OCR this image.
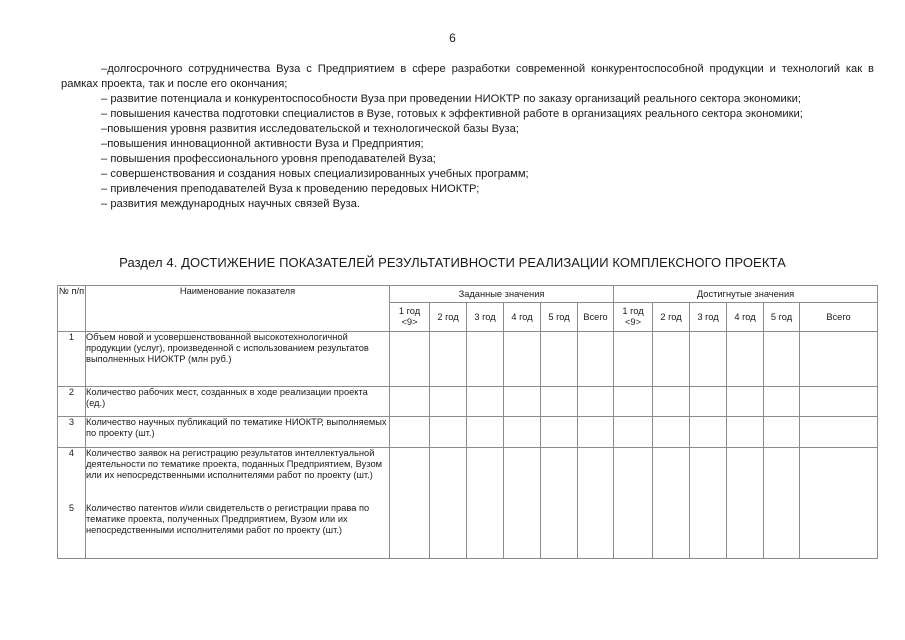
6

–долгосрочного сотрудничества Вуза с Предприятием в сфере разработки современной конкурентоспособной продукции и технологий как в рамках проекта, так и после его окончания;

– развитие потенциала и конкурентоспособности Вуза при проведении НИОКТР по заказу организаций реального сектора экономики;

– повышения качества подготовки специалистов в Вузе, готовых к эффективной работе в организациях реального сектора экономики;

–повышения уровня развития исследовательской и технологической базы Вуза;

–повышения инновационной активности Вуза и Предприятия;

– повышения профессионального уровня преподавателей Вуза;

– совершенствования и создания новых специализированных учебных программ;

– привлечения преподавателей Вуза к проведению передовых НИОКТР;

– развития международных научных связей Вуза.

Раздел 4. ДОСТИЖЕНИЕ ПОКАЗАТЕЛЕЙ РЕЗУЛЬТАТИВНОСТИ РЕАЛИЗАЦИИ КОМПЛЕКСНОГО ПРОЕКТА
№ п/п	Наименование показателя	Заданные значения						Достигнутые значения					
		1 год <9>	2 год	3 год	4 год	5 год	Всего	1 год <9>	2 год	3 год	4 год	5 год	Всего
1	Объем новой и усовершенствованной высокотехнологичной продукции (услуг), произведенной с использованием результатов выполненных НИОКТР (млн руб.)												
2	Количество рабочих мест, созданных в ходе реализации проекта (ед.)												
3	Количество научных публикаций по тематике НИОКТР, выполняемых по проекту (шт.)												
4	Количество заявок на регистрацию результатов интеллектуальной деятельности по тематике проекта, поданных Предприятием, Вузом или их непосредственными исполнителями работ по проекту (шт.)												
5	Количество патентов и/или свидетельств о регистрации права по тематике проекта, полученных Предприятием, Вузом или их непосредственными исполнителями работ по проекту (шт.)												
